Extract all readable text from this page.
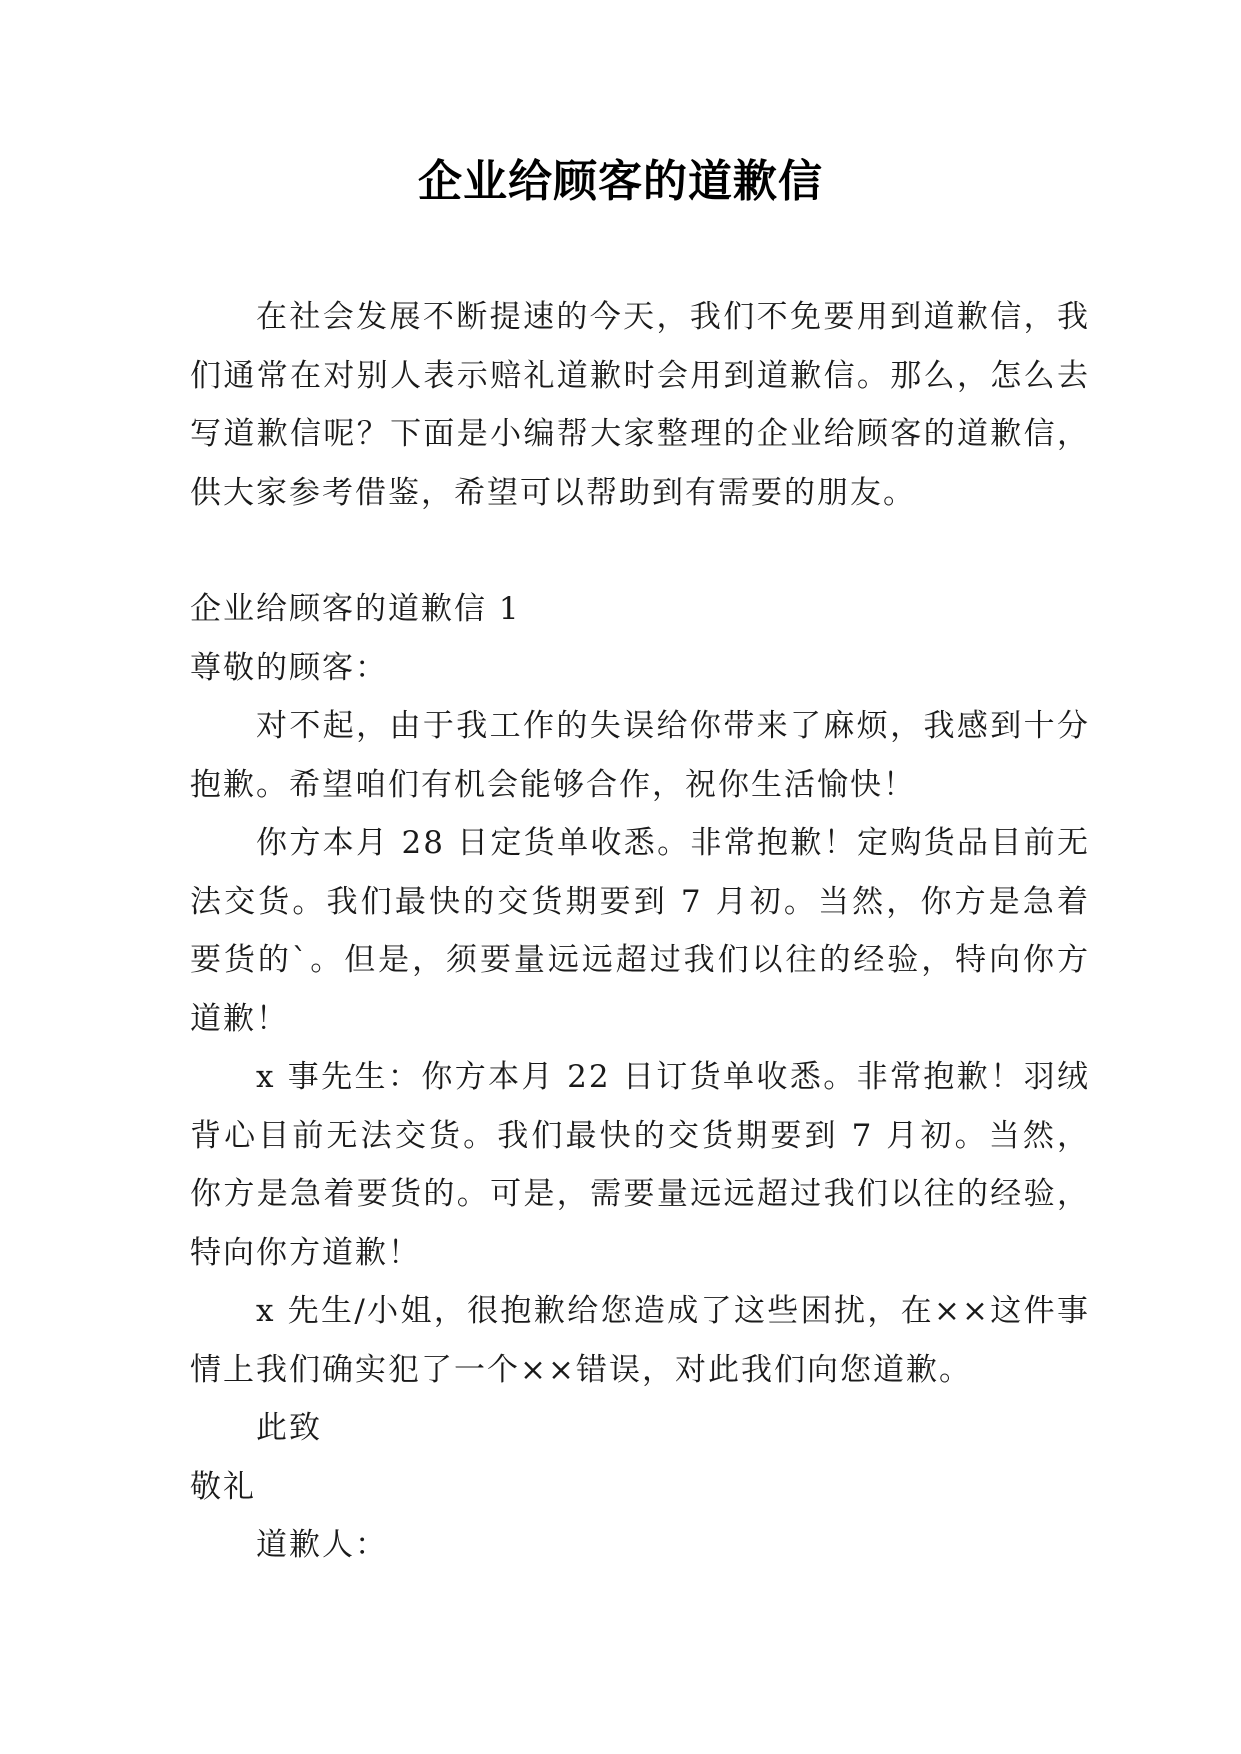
企业给顾客的道歉信

在社会发展不断提速的今天，我们不免要用到道歉信，我们通常在对别人表示赔礼道歉时会用到道歉信。那么，怎么去写道歉信呢？下面是小编帮大家整理的企业给顾客的道歉信，供大家参考借鉴，希望可以帮助到有需要的朋友。

企业给顾客的道歉信 1

尊敬的顾客：

对不起，由于我工作的失误给你带来了麻烦，我感到十分抱歉。希望咱们有机会能够合作，祝你生活愉快！

你方本月 28 日定货单收悉。非常抱歉！定购货品目前无法交货。我们最快的交货期要到 7 月初。当然，你方是急着要货的`。但是，须要量远远超过我们以往的经验，特向你方道歉！

x 事先生：你方本月 22 日订货单收悉。非常抱歉！羽绒背心目前无法交货。我们最快的交货期要到 7 月初。当然，你方是急着要货的。可是，需要量远远超过我们以往的经验，特向你方道歉！

x 先生/小姐，很抱歉给您造成了这些困扰，在××这件事情上我们确实犯了一个××错误，对此我们向您道歉。

此致

敬礼

道歉人：
